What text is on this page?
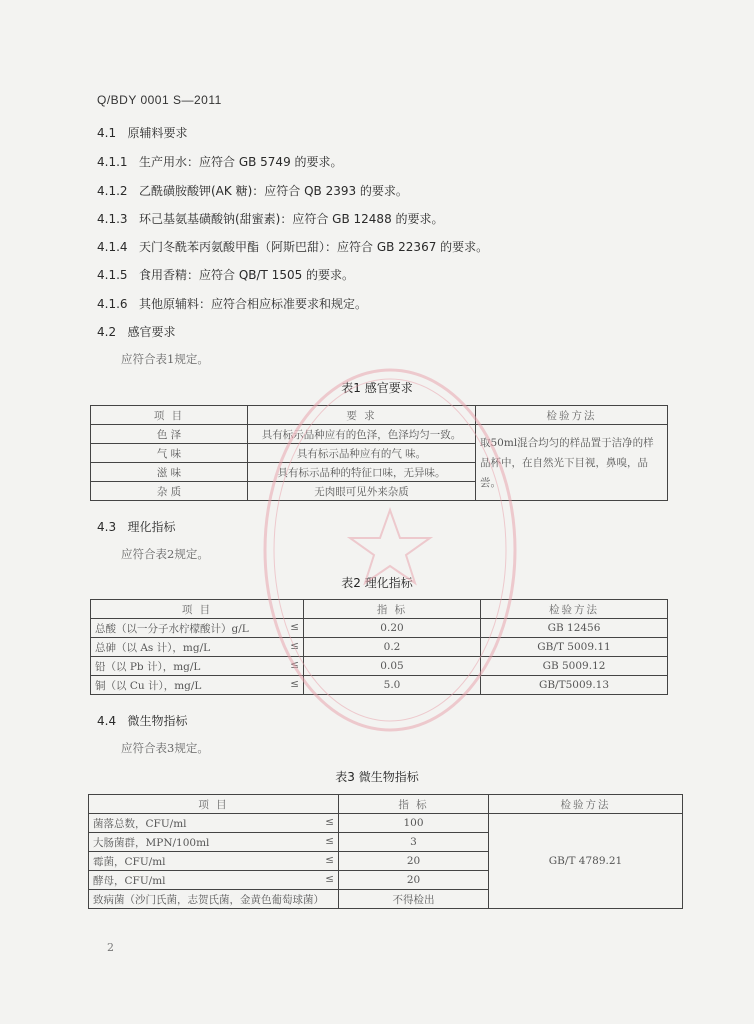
Q/BDY 0001 S—2011
4.1 原辅料要求
4.1.1 生产用水：应符合 GB 5749 的要求。
4.1.2 乙酰磺胺酸钾(AK 糖)：应符合 QB 2393 的要求。
4.1.3 环己基氨基磺酸钠(甜蜜素)：应符合 GB 12488 的要求。
4.1.4 天门冬酰苯丙氨酸甲酯（阿斯巴甜）：应符合 GB 22367 的要求。
4.1.5 食用香精：应符合 QB/T 1505 的要求。
4.1.6 其他原辅料：应符合相应标准要求和规定。
4.2 感官要求
应符合表1规定。
表1 感官要求
项 目	要 求	检验方法
色 泽	具有标示品种应有的色泽，色泽均匀一致。	取50ml混合均匀的样品置于洁净的样品杯中，在自然光下目视，鼻嗅，品尝。
气 味	具有标示品种应有的气 味。	
滋 味	具有标示品种的特征口味，无异味。	
杂 质	无肉眼可见外来杂质	
4.3 理化指标
应符合表2规定。
表2 理化指标
项 目	指 标	检验方法
总酸（以一分子水柠檬酸计）g/L ≤	0.20	GB 12456
总砷（以 As 计），mg/L ≤	0.2	GB/T 5009.11
铅（以 Pb 计），mg/L ≤	0.05	GB 5009.12
铜（以 Cu 计），mg/L ≤	5.0	GB/T5009.13
4.4 微生物指标
应符合表3规定。
表3 微生物指标
项 目	指 标	检验方法
菌落总数，CFU/ml ≤	100	GB/T 4789.21
大肠菌群，MPN/100ml ≤	3	
霉菌，CFU/ml ≤	20	
酵母，CFU/ml ≤	20	
致病菌（沙门氏菌，志贺氏菌，金黄色葡萄球菌）	不得检出	
2
